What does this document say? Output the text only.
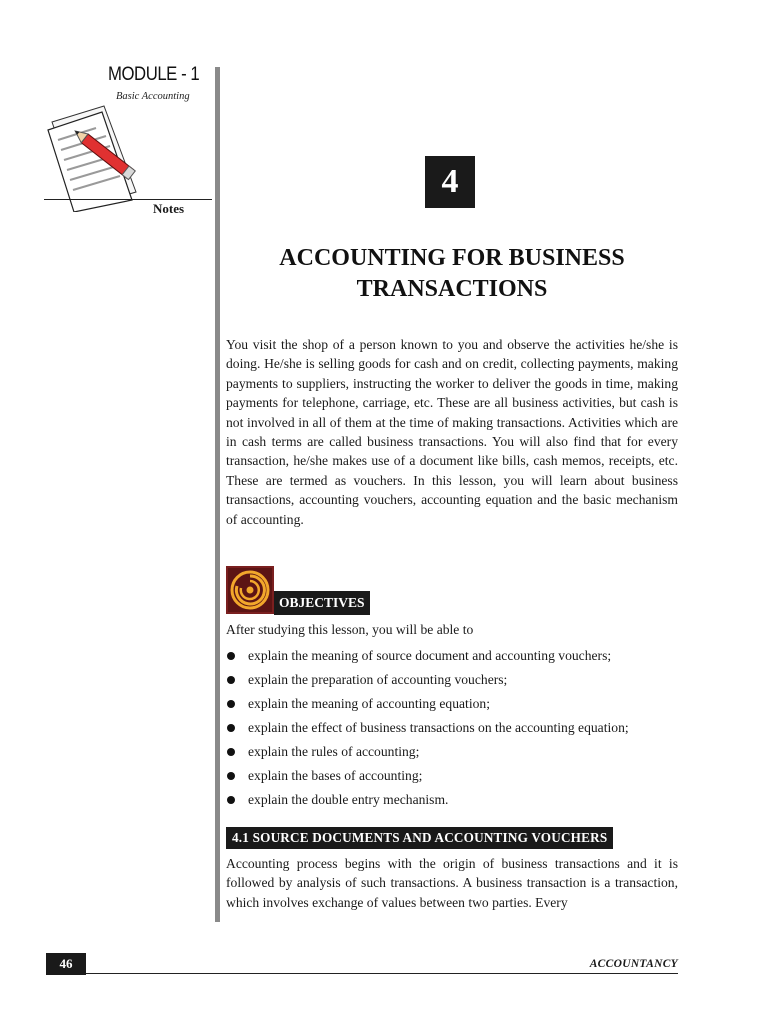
MODULE - 1
Basic Accounting
Notes
4
ACCOUNTING FOR BUSINESS TRANSACTIONS
You visit the shop of a person known to you and observe the activities he/she is doing. He/she is selling goods for cash and on credit, collecting payments, making payments to suppliers, instructing the worker to deliver the goods in time, making payments for telephone, carriage, etc. These are all business activities, but cash is not involved in all of them at the time of making transactions. Activities which are in cash terms are called business transactions. You will also find that for every transaction, he/she makes use of a document like bills, cash memos, receipts, etc. These are termed as vouchers. In this lesson, you will learn about business transactions, accounting vouchers, accounting equation and the basic mechanism of accounting.
OBJECTIVES
After studying this lesson, you will be able to
explain the meaning of source document and accounting vouchers;
explain the preparation of accounting vouchers;
explain the meaning of accounting equation;
explain the effect of business transactions on the accounting equation;
explain the rules of accounting;
explain the bases of accounting;
explain the double entry mechanism.
4.1 SOURCE DOCUMENTS AND ACCOUNTING VOUCHERS
Accounting process begins with the origin of business transactions and it is followed by analysis of such transactions. A business transaction is a transaction, which involves exchange of values between two parties. Every
46	ACCOUNTANCY
